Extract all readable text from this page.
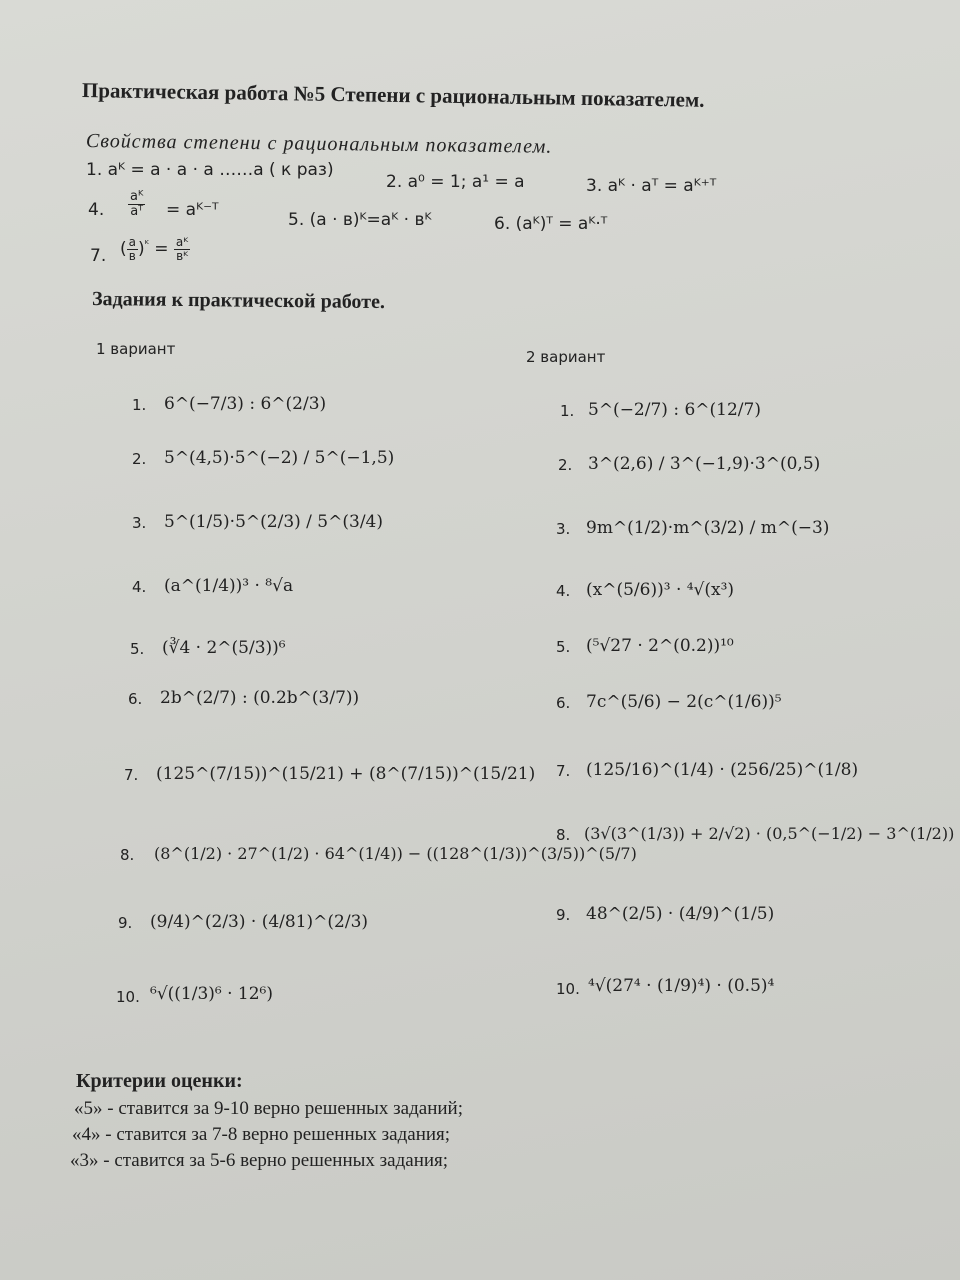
Практическая работа №5 Степени с рациональным показателем.
Свойства степени с рациональным показателем.
1. aᴷ = a · a · a ……a ( к раз)
2. a⁰ = 1; a¹ = a	3. aᴷ · aᵀ = aᴷ⁺ᵀ
4. $\frac{\text{aᴷ}}{\text{aᵀ}}$ = aᴷ⁻ᵀ	5. (a · в)ᴷ=aᴷ · вᴷ	6. (aᴷ)ᵀ = aᴷ·ᵀ
7. ( $\frac{a}{в} )^ᴷ = \frac{\text{aᴷ}}{\text{вᴷ}}$
Задания к практической работе.
1 вариант	2 вариант
1. 6^(−7/3) : 6^(2/3)
2. 5^(4,5)·5^(−2) / 5^(−1,5)
3. 5^(1/5)·5^(2/3) / 5^(3/4)
4. (a^(1/4))³ · ⁸√a
5. (∛4 · 2^(5/3))⁶
6. 2b^(2/7) : (0.2b^(3/7))
7. (125^(7/15))^(15/21) + (8^(7/15))^(15/21)
8. (8^(1/2) · 27^(1/2) · 64^(1/4)) − ((128^(1/3))^(3/5))^(5/7)
9. (9/4)^(2/3) · (4/81)^(2/3)
10. ⁶√((1/3)⁶ · 12⁶)
1. 5^(−2/7) : 6^(12/7)
2. 3^(2,6) / 3^(−1,9)·3^(0,5)
3. 9m^(1/2)·m^(3/2) / m^(−3)
4. (x^(5/6))³ · ⁴√(x³)
5. (⁵√27 · 2^(0.2))¹⁰
6. 7c^(5/6) − 2(c^(1/6))⁵
7. (125/16)^(1/4) · (256/25)^(1/8)
8. (3√(3^(1/3)) + 2/√2) · (0,5^(−1/2) − 3^(1/2))
9. 48^(2/5) · (4/9)^(1/5)
10. ⁴√(27⁴ · (1/9)⁴) · (0.5)⁴
Критерии оценки:
«5» - ставится за 9-10 верно решенных заданий;
«4» - ставится за 7-8 верно решенных задания;
«3» - ставится за 5-6 верно решенных задания;
